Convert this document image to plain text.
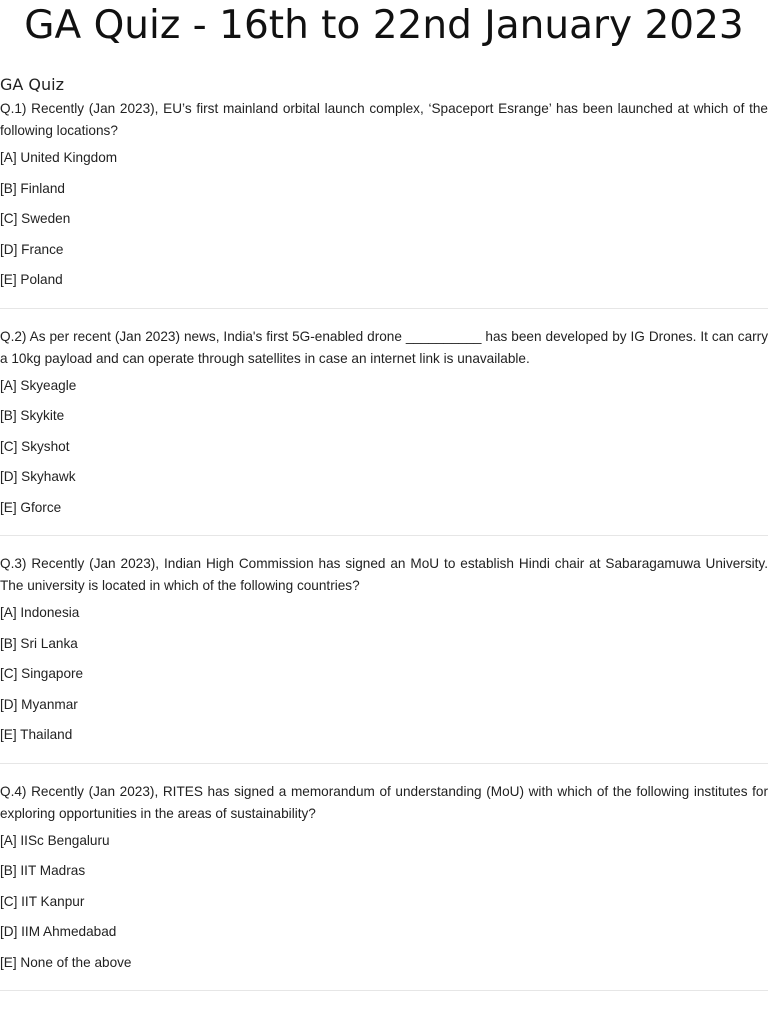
GA Quiz - 16th to 22nd January 2023
GA Quiz

Q.1) Recently (Jan 2023), EU’s first mainland orbital launch complex, ‘Spaceport Esrange’ has been launched at which of the following locations?

[A] United Kingdom
[B] Finland
[C] Sweden
[D] France
[E] Poland

Q.2) As per recent (Jan 2023) news, India's first 5G-enabled drone __________ has been developed by IG Drones. It can carry a 10kg payload and can operate through satellites in case an internet link is unavailable.

[A] Skyeagle
[B] Skykite
[C] Skyshot
[D] Skyhawk
[E] Gforce

Q.3) Recently (Jan 2023), Indian High Commission has signed an MoU to establish Hindi chair at Sabaragamuwa University. The university is located in which of the following countries?

[A] Indonesia
[B] Sri Lanka
[C] Singapore
[D] Myanmar
[E] Thailand

Q.4) Recently (Jan 2023), RITES has signed a memorandum of understanding (MoU) with which of the following institutes for exploring opportunities in the areas of sustainability?

[A] IISc Bengaluru
[B] IIT Madras
[C] IIT Kanpur
[D] IIM Ahmedabad
[E] None of the above
